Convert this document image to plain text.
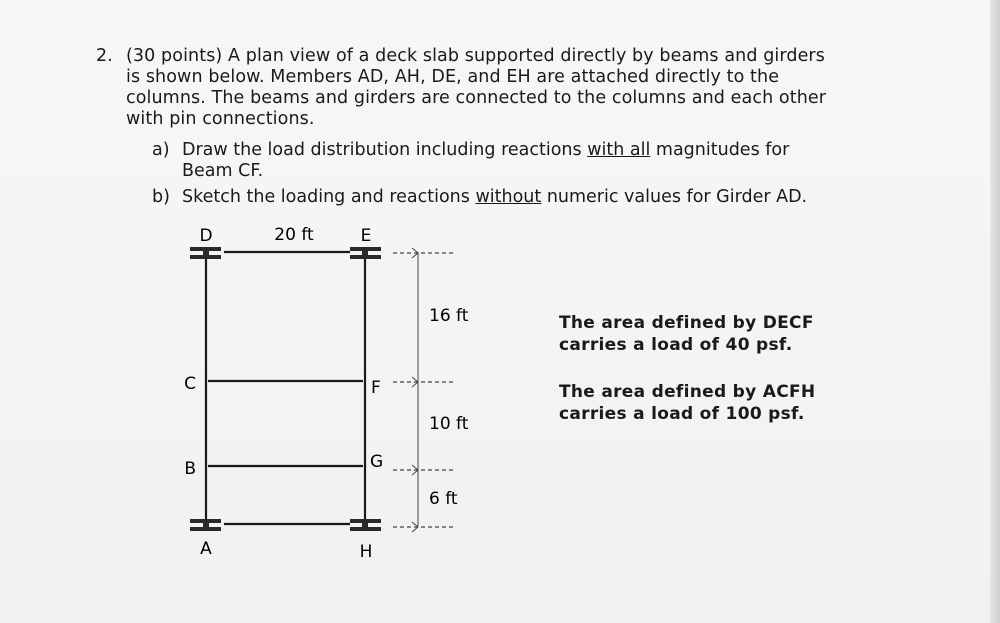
2. (30 points) A plan view of a deck slab supported directly by beams and girders
is shown below. Members AD, AH, DE, and EH are attached directly to the
columns. The beams and girders are connected to the columns and each other
with pin connections.
a) Draw the load distribution including reactions with all magnitudes for
Beam CF.
b) Sketch the loading and reactions without numeric values for Girder AD.
D	E
C	F
B	G
A	H
20 ft
16 ft
10 ft
6 ft
The area defined by DECF
carries a load of 40 psf.
The area defined by ACFH
carries a load of 100 psf.
